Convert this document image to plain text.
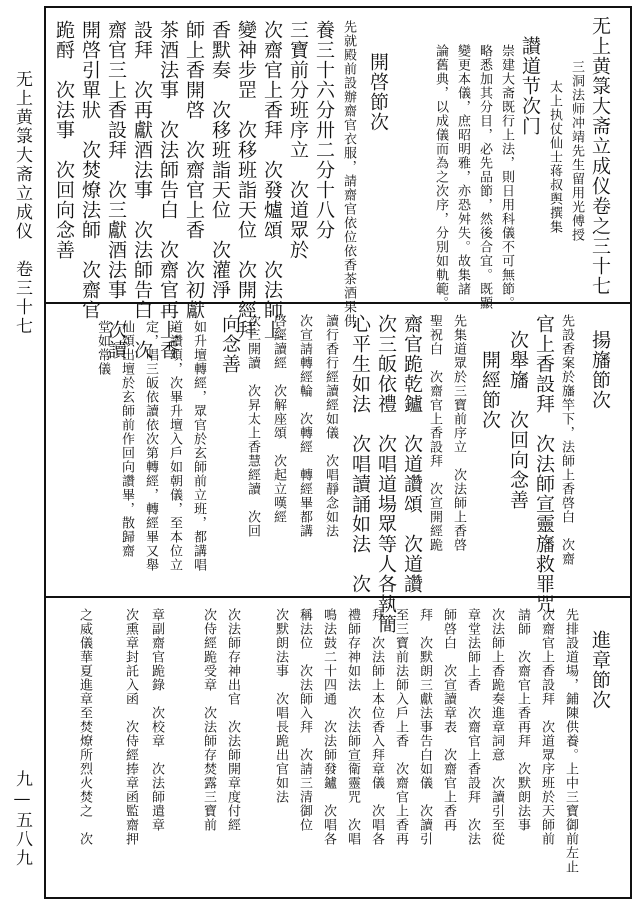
无上黄箓大斋立成仪　卷三十七
九—五八九
无上黄箓大斋立成仪卷之三十七
三洞法师冲靖先生留用光傅授
太上执仗仙士蒋叔舆撰集
讃道节次门
崇建大斋既行上法，則日用科儀不可無節。
略悉加其分目，必先品節，然後合宜。既顯
變更本儀，庶昭明雅，亦恐舛失。故集諸
論舊典，以成儀而為之次序，分別如軌範。
開啓節次
先就殿前設辦齋官衣服，請齋官依位依香茶酒果供
養三十六分卅二分十八分
三寶前分班序立　次道眾於
次齋官上香拜　次發爐頌　次法師上
變神步罡　次移班詣天位　次開經拜
香默奏　次移班詣天位　次灌淨
師上香開啓　次齋官上香　次初獻
茶酒法事　次法師告白　次齋官再上香
設拜　次再獻酒法事　次法師告白　次
齋官三上香設拜　次三獻酒法事　次讀
開啓引單狀　次焚燎法師　次齋官
跪酹　次法事　次回向念善
揚旛節次
先設香案於旛竿下，法師上香啓白　次齋
官上香設拜　次法師宣靈旛救罪咒
次舉旛　次回向念善
開經節次
先集道眾於三寶前序立　次法師上香啓
聖祝白　次齋官上香設拜　次宣開經跪
齋官跪乾鑪　次道讚頌　次道讚
次三皈依禮　次唱道場眾等人各執簡
心平生如法　次唱讀誦如法　次
讀行香行經讀經如儀　次唱靜念如法
次宣請轉經輪　次轉經　轉經畢都講
啓經讀經　次解座頌　次起立嘆經
次三開讀　次昇太上香慧經讀　次回
向念善
如升壇轉經，眾官於玄師前立班，都講唱
道讚頌，次畢升壇入戶如朝儀，至本位立
定，唱三皈依讀依次第轉經，轉經畢又舉
仙頌出壇於玄師前作回向讚畢，散歸齋
堂如常儀
進章節次
先排設道場，鋪陳供養。上中三寶御前左止
次齋官上香設拜　次道眾序班於天師前
請師　次齋官上香再拜　次默朗法事
次法師上香跪奏進章詞意　次讀引至從
章堂法師上香　次齋官上香設拜　次法
師啓白　次宣讀章表　次齋官上香再
拜　次默朗三獻法事告白如儀　次讀引
至三寶前法師入戶上香　次齋官上香再
拜　次法師上本位香入拜章儀　次唱各
禮師存神如法　次法師宣衛靈咒　次唱
鳴法鼓二十四通　次法師發鑪　次唱各
稱法位　次法師入拜　次請三清御位
次默朗法事　次唱長跪出官如法
次法師存神出官　次法師開章度付經
次侍經跪受章　次法師存焚露三寶前
章副齋官跪錄　次校章　次法師遣章
次熏章封託入函　次侍經捧章函監齋押
之威儀華夏進章至焚燎所烈火焚之　次
